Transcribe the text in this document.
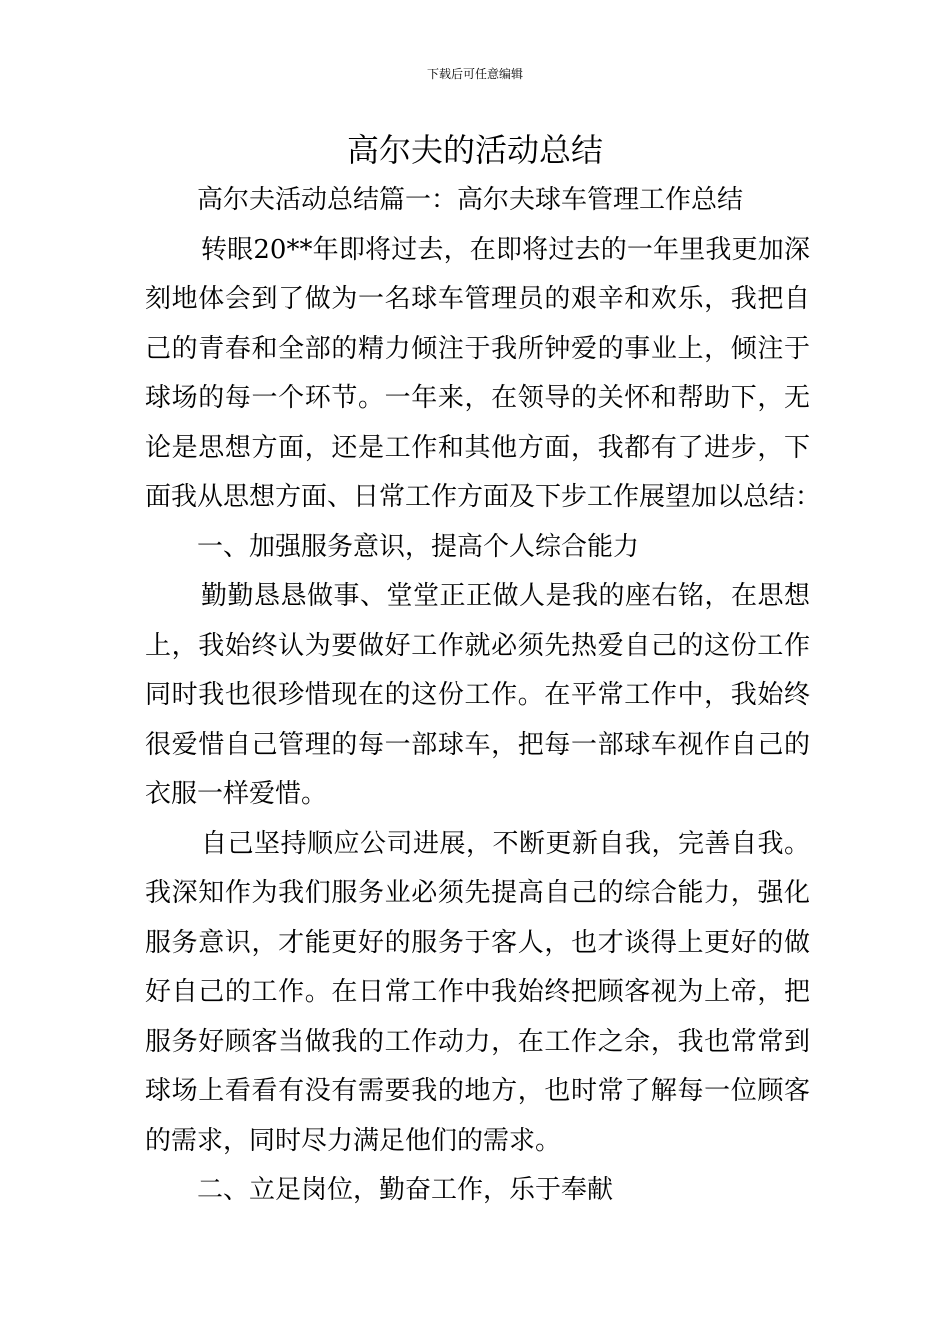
下载后可任意编辑
高尔夫的活动总结
高尔夫活动总结篇一：高尔夫球车管理工作总结
转眼20**年即将过去，在即将过去的一年里我更加深
刻地体会到了做为一名球车管理员的艰辛和欢乐，我把自
己的青春和全部的精力倾注于我所钟爱的事业上，倾注于
球场的每一个环节。一年来，在领导的关怀和帮助下，无
论是思想方面，还是工作和其他方面，我都有了进步，下
面我从思想方面、日常工作方面及下步工作展望加以总结：
一、加强服务意识，提高个人综合能力
勤勤恳恳做事、堂堂正正做人是我的座右铭，在思想
上，我始终认为要做好工作就必须先热爱自己的这份工作
同时我也很珍惜现在的这份工作。在平常工作中，我始终
很爱惜自己管理的每一部球车，把每一部球车视作自己的
衣服一样爱惜。
自己坚持顺应公司进展，不断更新自我，完善自我。
我深知作为我们服务业必须先提高自己的综合能力，强化
服务意识，才能更好的服务于客人，也才谈得上更好的做
好自己的工作。在日常工作中我始终把顾客视为上帝，把
服务好顾客当做我的工作动力，在工作之余，我也常常到
球场上看看有没有需要我的地方，也时常了解每一位顾客
的需求，同时尽力满足他们的需求。
二、立足岗位，勤奋工作，乐于奉献
